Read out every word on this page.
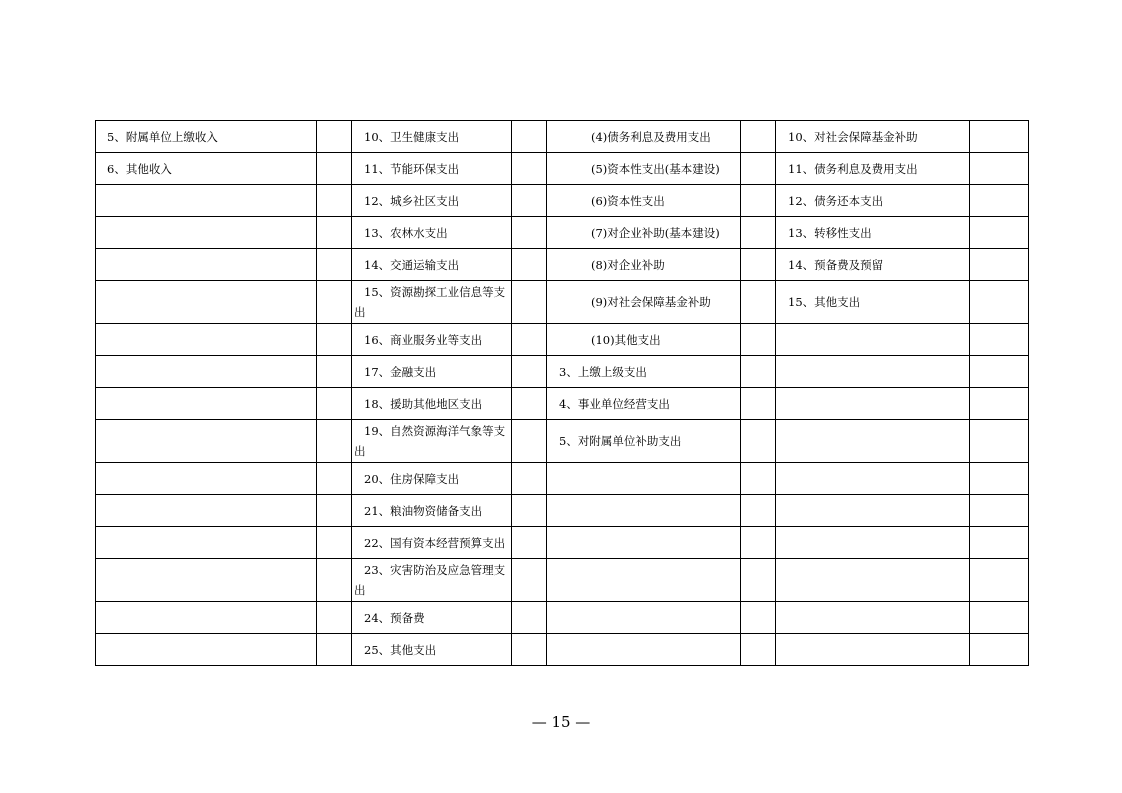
5、附属单位上缴收入		10、卫生健康支出		(4)债务利息及费用支出		10、对社会保障基金补助	
6、其他收入		11、节能环保支出		(5)资本性支出(基本建设)		11、债务利息及费用支出	
		12、城乡社区支出		(6)资本性支出		12、债务还本支出	
		13、农林水支出		(7)对企业补助(基本建设)		13、转移性支出	
		14、交通运输支出		(8)对企业补助		14、预备费及预留	
		15、资源勘探工业信息等支出		(9)对社会保障基金补助		15、其他支出	
		16、商业服务业等支出		(10)其他支出			
		17、金融支出		3、上缴上级支出			
		18、援助其他地区支出		4、事业单位经营支出			
		19、自然资源海洋气象等支出		5、对附属单位补助支出			
		20、住房保障支出					
		21、粮油物资储备支出					
		22、国有资本经营预算支出					
		23、灾害防治及应急管理支出					
		24、预备费					
		25、其他支出					
— 15 —
